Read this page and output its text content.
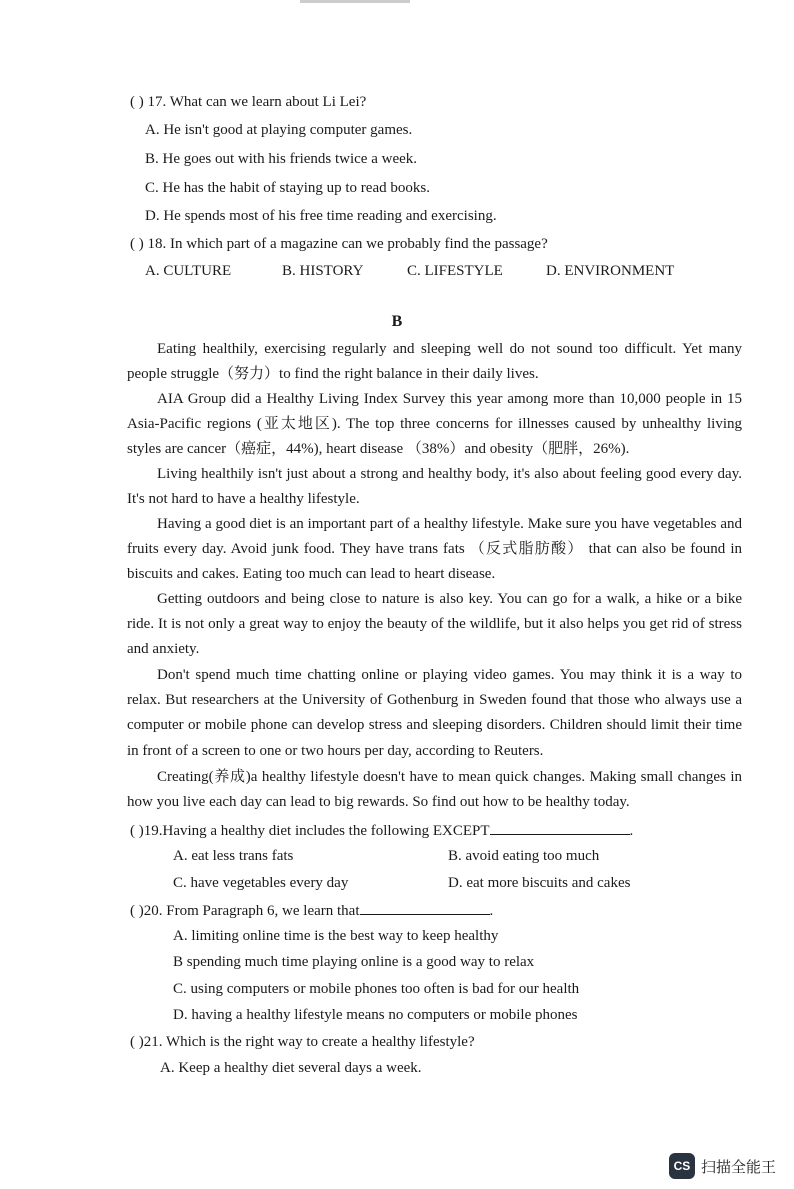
( ) 17. What can we learn about Li Lei?
A. He isn't good at playing computer games.
B. He goes out with his friends twice a week.
C. He has the habit of staying up to read books.
D. He spends most of his free time reading and exercising.
( ) 18. In which part of a magazine can we probably find the passage?
A. CULTURE	B. HISTORY	C. LIFESTYLE	D. ENVIRONMENT
B
Eating healthily, exercising regularly and sleeping well do not sound too difficult. Yet many people struggle（努力）to find the right balance in their daily lives.
AIA Group did a Healthy Living Index Survey this year among more than 10,000 people in 15 Asia-Pacific regions (亚太地区). The top three concerns for illnesses caused by unhealthy living styles are cancer（癌症，44%), heart disease （38%）and obesity（肥胖，26%).
Living healthily isn't just about a strong and healthy body, it's also about feeling good every day. It's not hard to have a healthy lifestyle.
Having a good diet is an important part of a healthy lifestyle. Make sure you have vegetables and fruits every day. Avoid junk food. They have trans fats （反式脂肪酸） that can also be found in biscuits and cakes. Eating too much can lead to heart disease.
Getting outdoors and being close to nature is also key. You can go for a walk, a hike or a bike ride. It is not only a great way to enjoy the beauty of the wildlife, but it also helps you get rid of stress and anxiety.
Don't spend much time chatting online or playing video games. You may think it is a way to relax. But researchers at the University of Gothenburg in Sweden found that those who always use a computer or mobile phone can develop stress and sleeping disorders. Children should limit their time in front of a screen to one or two hours per day, according to Reuters.
Creating(养成)a healthy lifestyle doesn't have to mean quick changes. Making small changes in how you live each day can lead to big rewards. So find out how to be healthy today.
( )19.Having a healthy diet includes the following EXCEPT	.
A. eat less trans fats	B. avoid eating too much
C. have vegetables every day	D. eat more biscuits and cakes
( )20. From Paragraph 6, we learn that	.
A. limiting online time is the best way to keep healthy
B spending much time playing online is a good way to relax
C. using computers or mobile phones too often is bad for our health
D. having a healthy lifestyle means no computers or mobile phones
( )21. Which is the right way to create a healthy lifestyle?
A. Keep a healthy diet several days a week.
CS 扫描全能王
